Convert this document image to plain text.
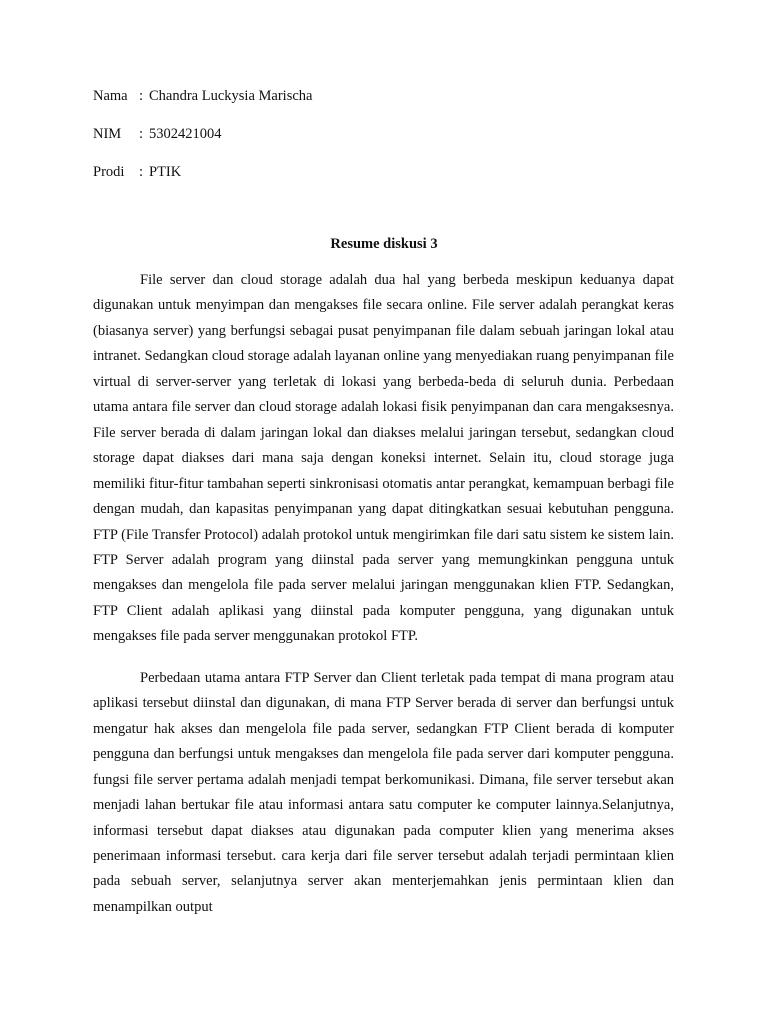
Nama : Chandra Luckysia Marischa
NIM : 5302421004
Prodi : PTIK
Resume diskusi 3

File server dan cloud storage adalah dua hal yang berbeda meskipun keduanya dapat digunakan untuk menyimpan dan mengakses file secara online. File server adalah perangkat keras (biasanya server) yang berfungsi sebagai pusat penyimpanan file dalam sebuah jaringan lokal atau intranet. Sedangkan cloud storage adalah layanan online yang menyediakan ruang penyimpanan file virtual di server-server yang terletak di lokasi yang berbeda-beda di seluruh dunia. Perbedaan utama antara file server dan cloud storage adalah lokasi fisik penyimpanan dan cara mengaksesnya. File server berada di dalam jaringan lokal dan diakses melalui jaringan tersebut, sedangkan cloud storage dapat diakses dari mana saja dengan koneksi internet. Selain itu, cloud storage juga memiliki fitur-fitur tambahan seperti sinkronisasi otomatis antar perangkat, kemampuan berbagi file dengan mudah, dan kapasitas penyimpanan yang dapat ditingkatkan sesuai kebutuhan pengguna. FTP (File Transfer Protocol) adalah protokol untuk mengirimkan file dari satu sistem ke sistem lain. FTP Server adalah program yang diinstal pada server yang memungkinkan pengguna untuk mengakses dan mengelola file pada server melalui jaringan menggunakan klien FTP. Sedangkan, FTP Client adalah aplikasi yang diinstal pada komputer pengguna, yang digunakan untuk mengakses file pada server menggunakan protokol FTP.

Perbedaan utama antara FTP Server dan Client terletak pada tempat di mana program atau aplikasi tersebut diinstal dan digunakan, di mana FTP Server berada di server dan berfungsi untuk mengatur hak akses dan mengelola file pada server, sedangkan FTP Client berada di komputer pengguna dan berfungsi untuk mengakses dan mengelola file pada server dari komputer pengguna. fungsi file server pertama adalah menjadi tempat berkomunikasi. Dimana, file server tersebut akan menjadi lahan bertukar file atau informasi antara satu computer ke computer lainnya.Selanjutnya, informasi tersebut dapat diakses atau digunakan pada computer klien yang menerima akses penerimaan informasi tersebut. cara kerja dari file server tersebut adalah terjadi permintaan klien pada sebuah server, selanjutnya server akan menterjemahkan jenis permintaan klien dan menampilkan output
